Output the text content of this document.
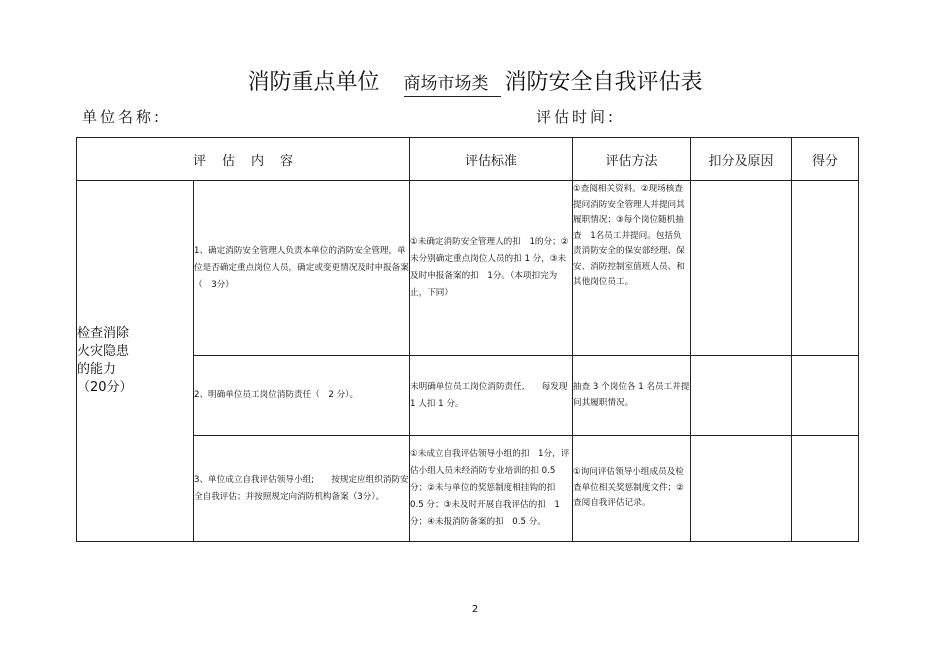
消防重点单位 商场市场类 消防安全自我评估表
单位名称:	评估时间:
评估内容		评估标准	评估方法	扣分及原因	得分

检查消除
火灾隐患
的能力
（20分）	1、确定消防安全管理人负责本单位的消防安全管理，单位是否确定重点岗位人员，确定或变更情况及时申报备案（　3分）	①未确定消防安全管理人的扣　1的分；②未分别确定重点岗位人员的扣 1 分，③未及时申报备案的扣　1分。（本项扣完为止，下同）	①查阅相关资料。②现场核查提问消防安全管理人并提问其履职情况；③每个岗位随机抽查　1名员工并提问。包括负责消防安全的保安部经理、保安、消防控制室值班人员、和其他岗位员工。		
	2、明确单位员工岗位消防责任（　2 分）。	未明确单位员工岗位消防责任,　　每发现 1 人扣 1 分。	抽查 3 个岗位各 1 名员工并提问其履职情况。		
	3、单位成立自我评估领导小组;　　按规定应组织消防安全自我评估；并按照规定向消防机构备案（3分）。	①未成立自我评估领导小组的扣　1分，评估小组人员未经消防专业培训的扣 0.5 分；②未与单位的奖惩制度相挂钩的扣　0.5 分；③未及时开展自我评估的扣　1 分；④未报消防备案的扣　0.5 分。	①询问评估领导小组成员及检查单位相关奖惩制度文件；②查阅自我评估记录。		
2
